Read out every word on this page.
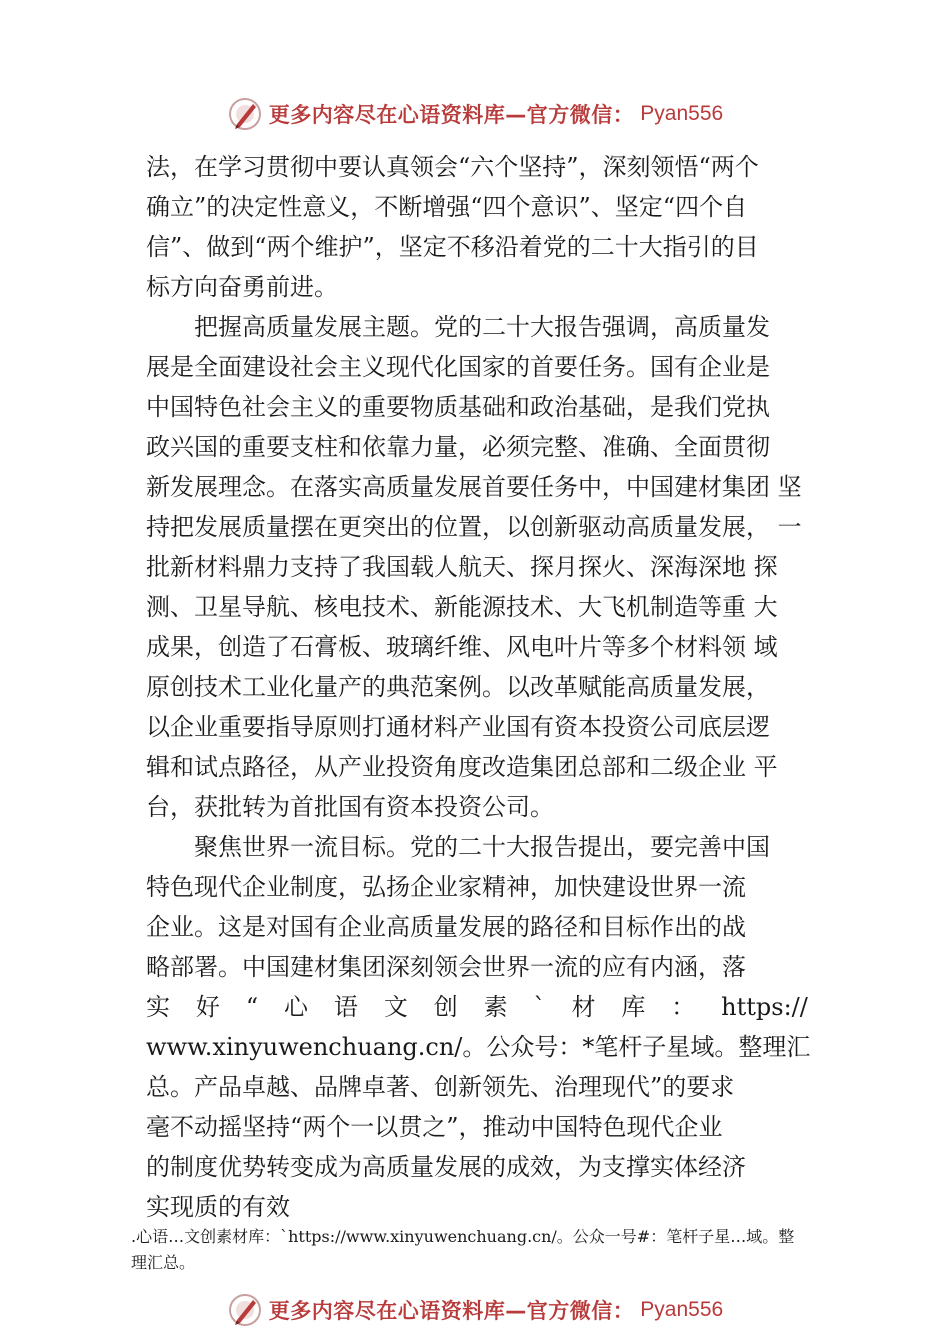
更多内容尽在心语资料库—官方微信： Pyan556
法，在学习贯彻中要认真领会“六个坚持”，深刻领悟“两个
确立”的决定性意义，不断增强“四个意识”、坚定“四个自
信”、做到“两个维护”，坚定不移沿着党的二十大指引的目
标方向奋勇前进。
把握高质量发展主题。党的二十大报告强调，高质量发
展是全面建设社会主义现代化国家的首要任务。国有企业是
中国特色社会主义的重要物质基础和政治基础，是我们党执
政兴国的重要支柱和依靠力量，必须完整、准确、全面贯彻
新发展理念。在落实高质量发展首要任务中，中国建材集团 坚
持把发展质量摆在更突出的位置，以创新驱动高质量发展， 一
批新材料鼎力支持了我国载人航天、探月探火、深海深地 探
测、卫星导航、核电技术、新能源技术、大飞机制造等重 大
成果，创造了石膏板、玻璃纤维、风电叶片等多个材料领 域
原创技术工业化量产的典范案例。以改革赋能高质量发展，
以企业重要指导原则打通材料产业国有资本投资公司底层逻
辑和试点路径，从产业投资角度改造集团总部和二级企业 平
台，获批转为首批国有资本投资公司。
聚焦世界一流目标。党的二十大报告提出，要完善中国
特色现代企业制度，弘扬企业家精神，加快建设世界一流
企业。这是对国有企业高质量发展的路径和目标作出的战
略部署。中国建材集团深刻领会世界一流的应有内涵，落
实 好 “ 心 语 文 创 素 ` 材 库 ： https://
www.xinyuwenchuang.cn/。公众号：*笔杆子星域。整理汇
总。产品卓越、品牌卓著、创新领先、治理现代”的要求
毫不动摇坚持“两个一以贯之”，推动中国特色现代企业
的制度优势转变成为高质量发展的成效，为支撑实体经济
实现质的有效
.心语…文创素材库：`https://www.xinyuwenchuang.cn/。公众一号#：笔杆子星…域。整
理汇总。
更多内容尽在心语资料库—官方微信： Pyan556
